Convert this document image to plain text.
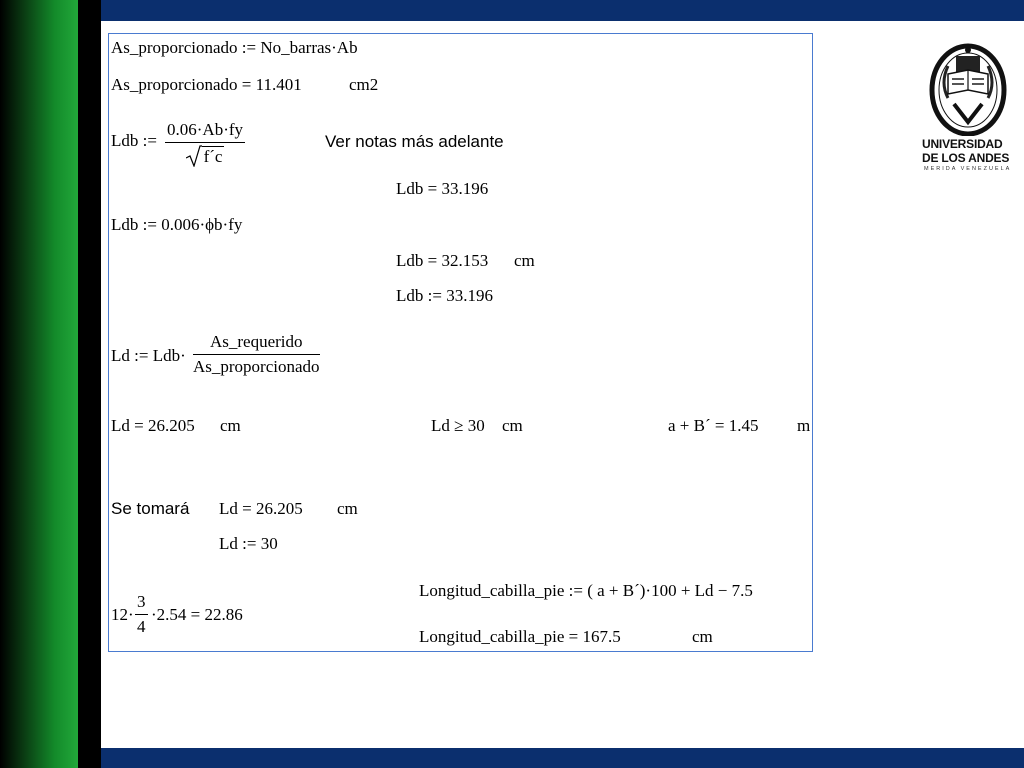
As_proporcionado := No_barras·Ab
As_proporcionado = 11.401	cm2
Ldb :=
0.06·Ab·fy
f´c
Ver notas más adelante
Ldb = 33.196
Ldb := 0.006·ϕb·fy
Ldb = 32.153 cm
Ldb := 33.196
Ld := Ldb·
As_requerido
As_proporcionado
Ld = 26.205 cm	Ld ≥ 30 cm	a + B´ = 1.45 m
Se tomará Ld = 26.205 cm
Ld := 30
Longitud_cabilla_pie := ( a + B´)·100 + Ld − 7.5
12·
3
4
·2.54 = 22.86
Longitud_cabilla_pie = 167.5	cm
UNIVERSIDAD
DE LOS ANDES
MERIDA VENEZUELA
